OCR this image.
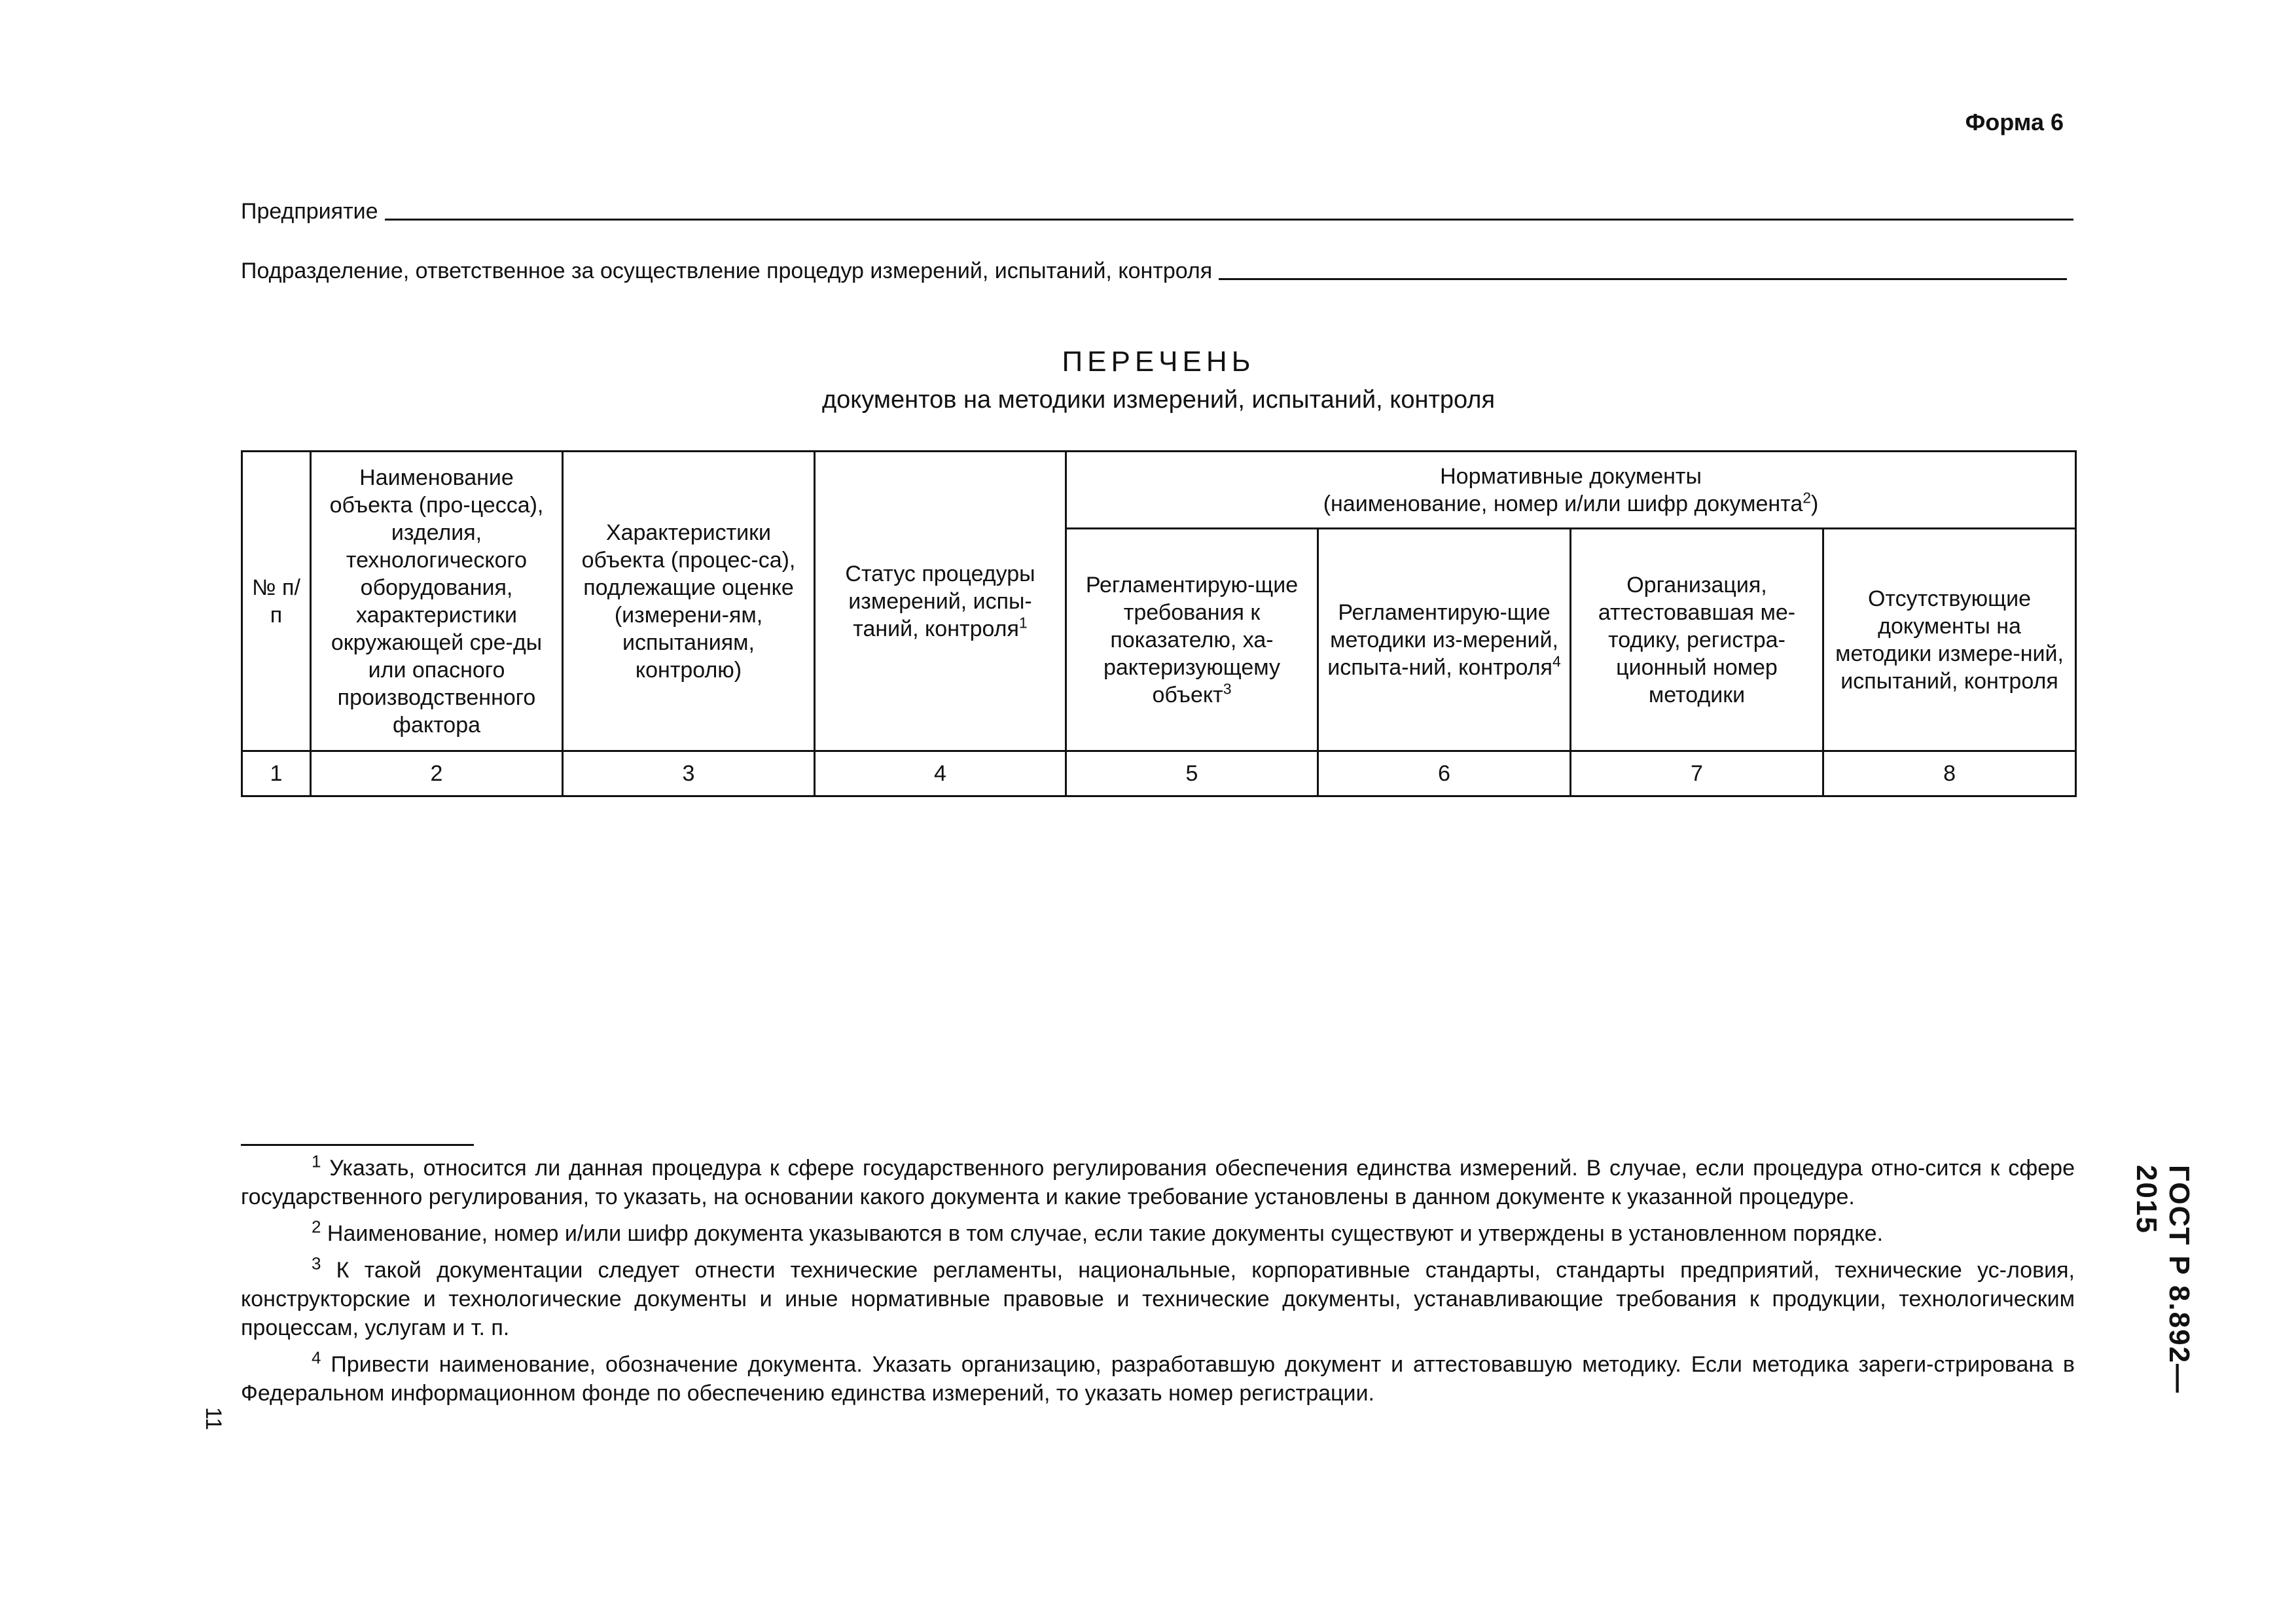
Форма 6
Предприятие
Подразделение, ответственное за осуществление процедур измерений, испытаний, контроля
ПЕРЕЧЕНЬ
документов на методики измерений, испытаний, контроля
№ п/п	Наименование объекта (про-цесса), изделия, технологического оборудования, характеристики окружающей сре-ды или опасного производственного фактора	Характеристики объекта (процес-са), подлежащие оценке (измерени-ям, испытаниям, контролю)	Статус процедуры измерений, испы-таний, контроля$^1$	Нормативные документы
(наименование, номер и/или шифр документа$^2$)			
				Регламентирую-щие требования к показателю, ха-рактеризующему объект$^3$	Регламентирую-щие методики из-мерений, испыта-ний, контроля$^4$	Организация, аттестовавшая ме-тодику, регистра-ционный номер методики	Отсутствующие документы на методики измере-ний, испытаний, контроля
1	2	3	4	5	6	7	8

$^1$ Указать, относится ли данная процедура к сфере государственного регулирования обеспечения единства измерений. В случае, если процедура отно-сится к сфере государственного регулирования, то указать, на основании какого документа и какие требование установлены в данном документе к указанной процедуре.

$^2$ Наименование, номер и/или шифр документа указываются в том случае, если такие документы существуют и утверждены в установленном порядке.

$^3$ К такой документации следует отнести технические регламенты, национальные, корпоративные стандарты, стандарты предприятий, технические ус-ловия, конструкторские и технологические документы и иные нормативные правовые и технические документы, устанавливающие требования к продукции, технологическим процессам, услугам и т. п.

$^4$ Привести наименование, обозначение документа. Указать организацию, разработавшую документ и аттестовавшую методику. Если методика зареги-стрирована в Федеральном информационном фонде по обеспечению единства измерений, то указать номер регистрации.	ГОСТ Р 8.892—2015
11
